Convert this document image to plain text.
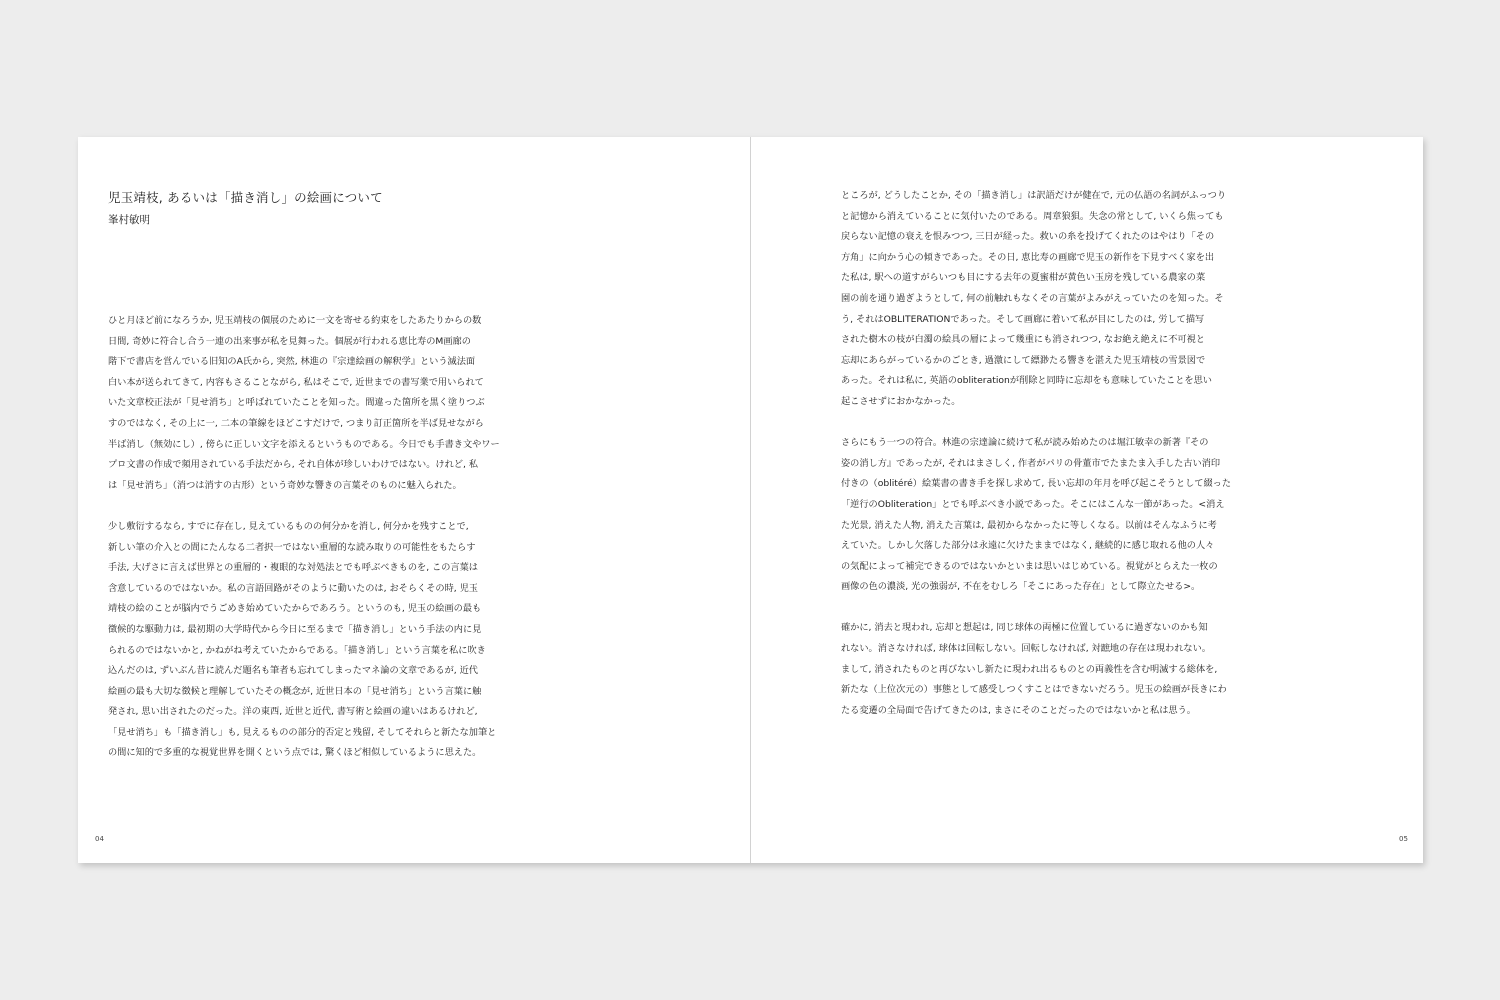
児玉靖枝, あるいは「描き消し」の絵画について
峯村敏明
ひと月ほど前になろうか, 児玉靖枝の個展のために一文を寄せる約束をしたあたりからの数
日間, 奇妙に符合し合う一連の出来事が私を見舞った。個展が行われる恵比寿のM画廊の
階下で書店を営んでいる旧知のA氏から, 突然, 林進の『宗達絵画の解釈学』という滅法面
白い本が送られてきて, 内容もさることながら, 私はそこで, 近世までの書写業で用いられて
いた文章校正法が「見せ消ち」と呼ばれていたことを知った。間違った箇所を黒く塗りつぶ
すのではなく, その上に一, 二本の筆線をほどこすだけで, つまり訂正箇所を半ば見せながら
半ば消し（無効にし）, 傍らに正しい文字を添えるというものである。今日でも手書き文やワー
プロ文書の作成で頻用されている手法だから, それ自体が珍しいわけではない。けれど, 私
は「見せ消ち」（消つは消すの古形）という奇妙な響きの言葉そのものに魅入られた。
少し敷衍するなら, すでに存在し, 見えているものの何分かを消し, 何分かを残すことで,
新しい筆の介入との間にたんなる二者択一ではない重層的な読み取りの可能性をもたらす
手法, 大げさに言えば世界との重層的・複眼的な対処法とでも呼ぶべきものを, この言葉は
含意しているのではないか。私の言語回路がそのように動いたのは, おそらくその時, 児玉
靖枝の絵のことが脳内でうごめき始めていたからであろう。というのも, 児玉の絵画の最も
徴候的な駆動力は, 最初期の大学時代から今日に至るまで「描き消し」という手法の内に見
られるのではないかと, かねがね考えていたからである。「描き消し」という言葉を私に吹き
込んだのは, ずいぶん昔に読んだ題名も筆者も忘れてしまったマネ論の文章であるが, 近代
絵画の最も大切な徴候と理解していたその概念が, 近世日本の「見せ消ち」という言葉に触
発され, 思い出されたのだった。洋の東西, 近世と近代, 書写術と絵画の違いはあるけれど,
「見せ消ち」も「描き消し」も, 見えるものの部分的否定と残留, そしてそれらと新たな加筆と
の間に知的で多重的な視覚世界を開くという点では, 驚くほど相似しているように思えた。
04
ところが, どうしたことか, その「描き消し」は訳語だけが健在で, 元の仏語の名詞がふっつり
と記憶から消えていることに気付いたのである。周章狼狽。失念の常として, いくら焦っても
戻らない記憶の衰えを恨みつつ, 三日が経った。救いの糸を投げてくれたのはやはり「その
方角」に向かう心の傾きであった。その日, 恵比寿の画廊で児玉の新作を下見すべく家を出
た私は, 駅への道すがらいつも目にする去年の夏蜜柑が黄色い玉房を残している農家の菜
園の前を通り過ぎようとして, 何の前触れもなくその言葉がよみがえっていたのを知った。そ
う, それはOBLITERATIONであった。そして画廊に着いて私が目にしたのは, 労して描写
された樹木の枝が白濁の絵具の層によって幾重にも消されつつ, なお絶え絶えに不可視と
忘却にあらがっているかのごとき, 過激にして縹渺たる響きを湛えた児玉靖枝の雪景図で
あった。それは私に, 英語のobliterationが削除と同時に忘却をも意味していたことを思い
起こさせずにおかなかった。
さらにもう一つの符合。林進の宗達論に続けて私が読み始めたのは堀江敏幸の新著『その
姿の消し方』であったが, それはまさしく, 作者がパリの骨董市でたまたま入手した古い消印
付きの（oblitéré）絵葉書の書き手を探し求めて, 長い忘却の年月を呼び起こそうとして綴った
「逆行のObliteration」とでも呼ぶべき小説であった。そこにはこんな一節があった。<消え
た光景, 消えた人物, 消えた言葉は, 最初からなかったに等しくなる。以前はそんなふうに考
えていた。しかし欠落した部分は永遠に欠けたままではなく, 継続的に感じ取れる他の人々
の気配によって補完できるのではないかといまは思いはじめている。視覚がとらえた一枚の
画像の色の濃淡, 光の強弱が, 不在をむしろ「そこにあった存在」として際立たせる>。
確かに, 消去と現われ, 忘却と想起は, 同じ球体の両極に位置しているに過ぎないのかも知
れない。消さなければ, 球体は回転しない。回転しなければ, 対蹠地の存在は現われない。
まして, 消されたものと再びないし新たに現われ出るものとの両義性を含む明滅する総体を,
新たな（上位次元の）事態として感受しつくすことはできないだろう。児玉の絵画が長きにわ
たる変遷の全局面で告げてきたのは, まさにそのことだったのではないかと私は思う。
05
